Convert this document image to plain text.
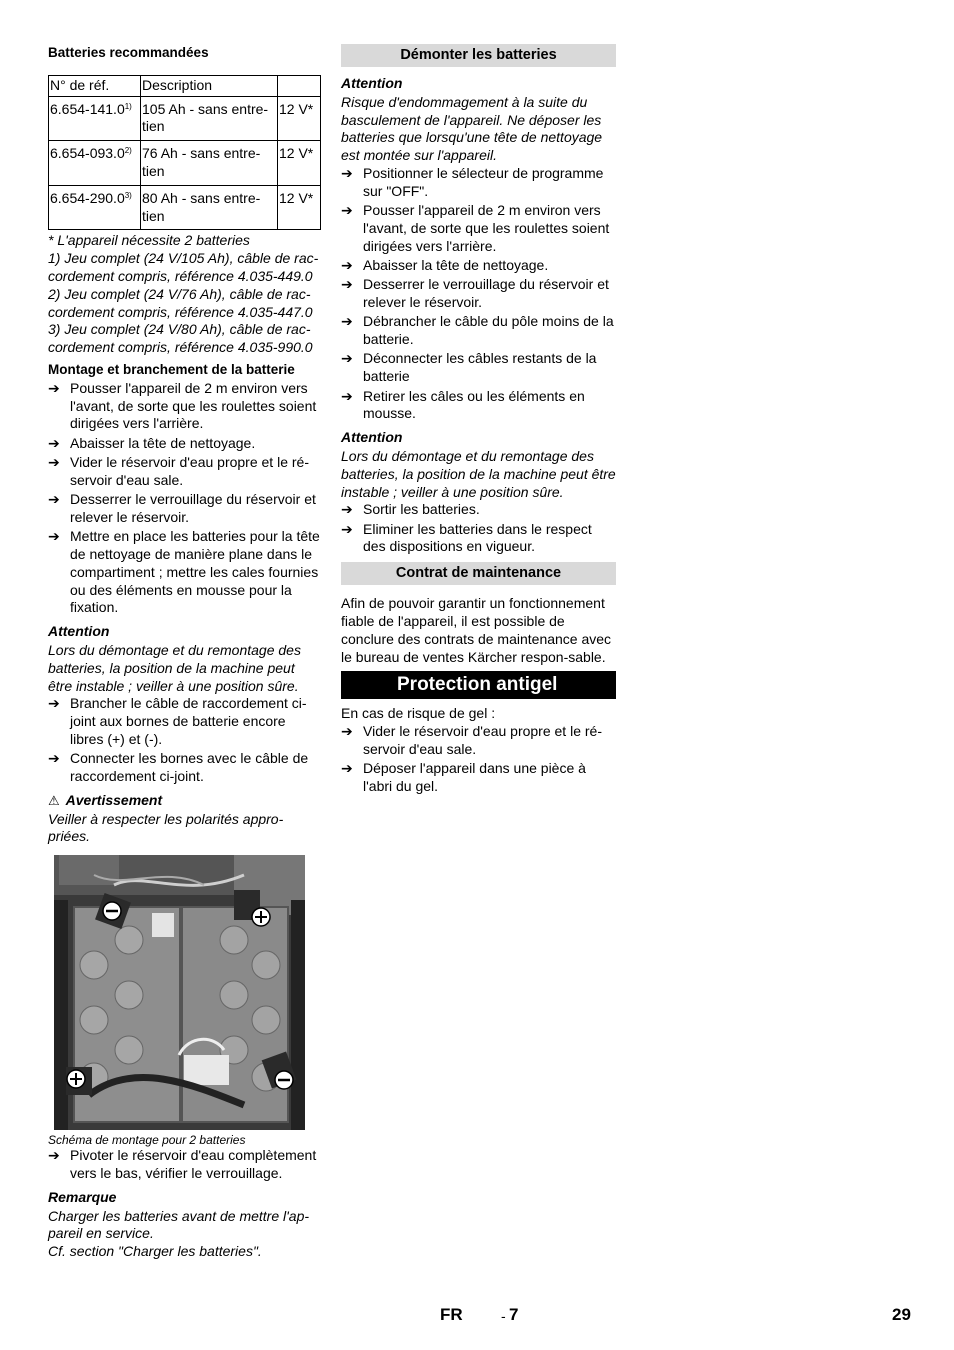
Batteries recommandées
N° de réf.	Description	
6.654-141.0$^{1)}$	105 Ah - sans entre-tien	12 V*
6.654-093.0$^{2)}$	76 Ah - sans entre-tien	12 V*
6.654-290.0$^{3)}$	80 Ah - sans entre-tien	12 V*

* L'appareil nécessite 2 batteries

1) Jeu complet (24 V/105 Ah), câble de rac-cordement compris, référence 4.035-449.0

2) Jeu complet (24 V/76 Ah), câble de rac-cordement compris, référence 4.035-447.0

3) Jeu complet (24 V/80 Ah), câble de rac-cordement compris, référence 4.035-990.0

Montage et branchement de la batterie
➔ Pousser l'appareil de 2 m environ vers l'avant, de sorte que les roulettes soient dirigées vers l'arrière.
➔ Abaisser la tête de nettoyage.
➔ Vider le réservoir d'eau propre et le ré-servoir d'eau sale.
➔ Desserrer le verrouillage du réservoir et relever le réservoir.
➔ Mettre en place les batteries pour la tête de nettoyage de manière plane dans le compartiment ; mettre les cales fournies ou des éléments en mousse pour la fixation.
Attention

Lors du démontage et du remontage des batteries, la position de la machine peut être instable ; veiller à une position sûre.

➔ Brancher le câble de raccordement ci-joint aux bornes de batterie encore libres (+) et (-).
➔ Connecter les bornes avec le câble de raccordement ci-joint.
⚠ Avertissement

Veiller à respecter les polarités appro-priées.

Schéma de montage pour 2 batteries
➔ Pivoter le réservoir d'eau complètement vers le bas, vérifier le verrouillage.
Remarque

Charger les batteries avant de mettre l'ap-pareil en service.

Cf. section "Charger les batteries".

Démonter les batteries
Attention

Risque d'endommagement à la suite du basculement de l'appareil. Ne déposer les batteries que lorsqu'une tête de nettoyage est montée sur l'appareil.

➔ Positionner le sélecteur de programme sur "OFF".
➔ Pousser l'appareil de 2 m environ vers l'avant, de sorte que les roulettes soient dirigées vers l'arrière.
➔ Abaisser la tête de nettoyage.
➔ Desserrer le verrouillage du réservoir et relever le réservoir.
➔ Débrancher le câble du pôle moins de la batterie.
➔ Déconnecter les câbles restants de la batterie
➔ Retirer les câles ou les éléments en mousse.
Attention

Lors du démontage et du remontage des batteries, la position de la machine peut être instable ; veiller à une position sûre.

➔ Sortir les batteries.
➔ Eliminer les batteries dans le respect des dispositions en vigueur.
Contrat de maintenance

Afin de pouvoir garantir un fonctionnement fiable de l'appareil, il est possible de conclure des contrats de maintenance avec le bureau de ventes Kärcher respon-sable.

Protection antigel

En cas de risque de gel :

➔ Vider le réservoir d'eau propre et le ré-servoir d'eau sale.
➔ Déposer l'appareil dans une pièce à l'abri du gel.
FR	- 7	29
